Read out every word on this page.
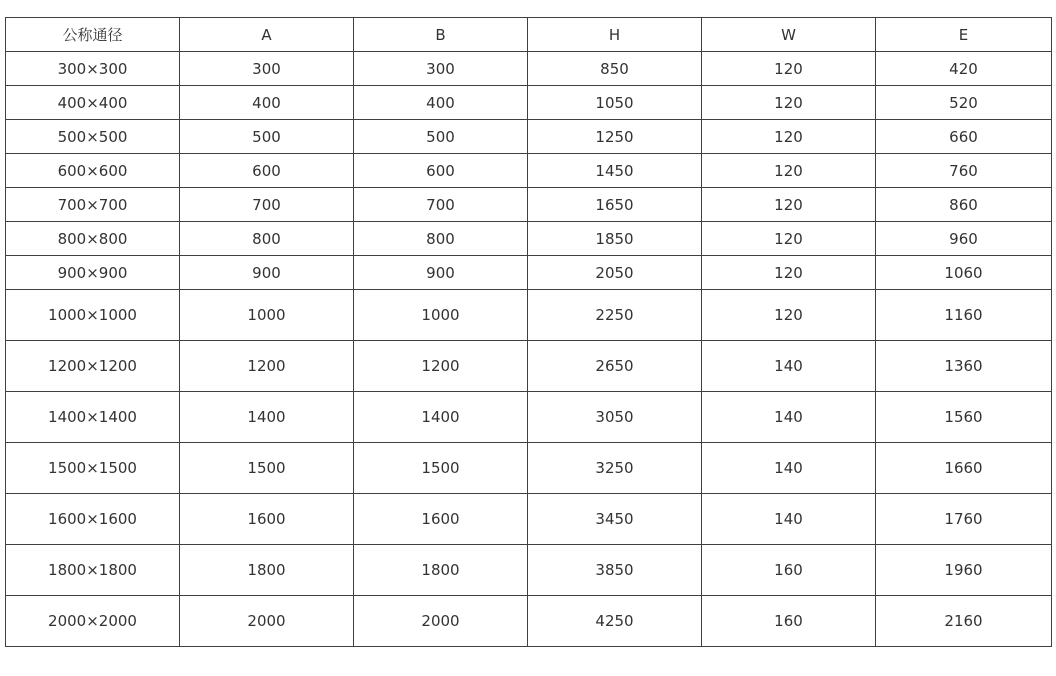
公称通径	A	B	H	W	E
300×300	300	300	850	120	420
400×400	400	400	1050	120	520
500×500	500	500	1250	120	660
600×600	600	600	1450	120	760
700×700	700	700	1650	120	860
800×800	800	800	1850	120	960
900×900	900	900	2050	120	1060
1000×1000	1000	1000	2250	120	1160
1200×1200	1200	1200	2650	140	1360
1400×1400	1400	1400	3050	140	1560
1500×1500	1500	1500	3250	140	1660
1600×1600	1600	1600	3450	140	1760
1800×1800	1800	1800	3850	160	1960
2000×2000	2000	2000	4250	160	2160
